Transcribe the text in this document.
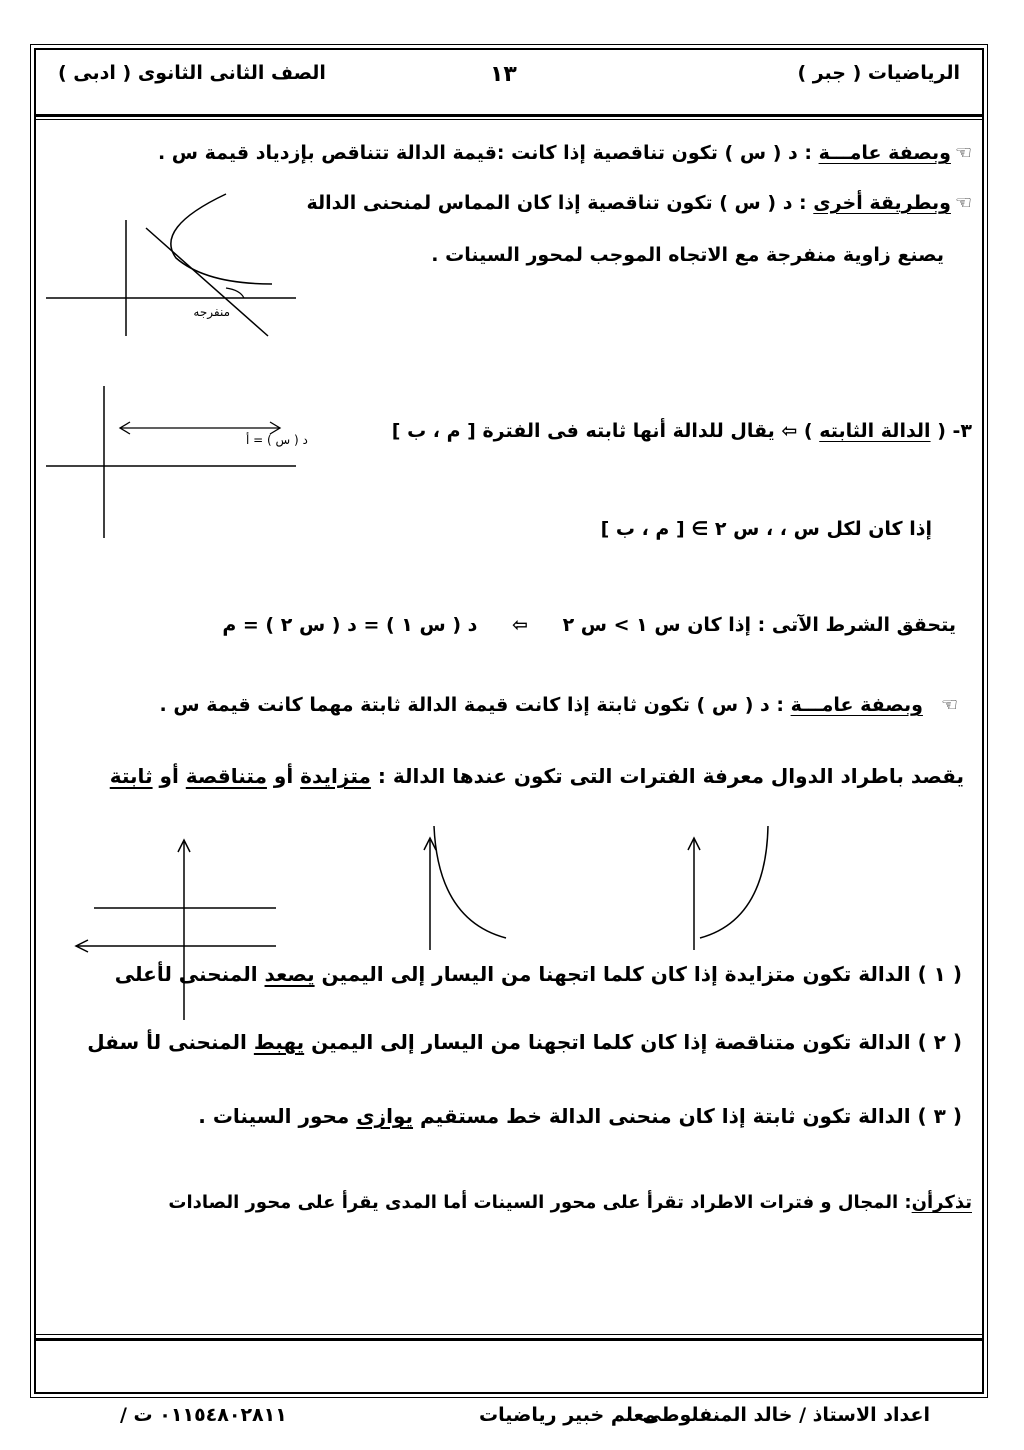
الرياضيات ( جبر )
١٣
الصف الثانى الثانوى ( ادبى )
☜وبصفة عامـــة : د ( س ) تكون تناقصية إذا كانت :قيمة الدالة تتناقص بإزدياد قيمة س .
☜وبطريقة أخرى : د ( س ) تكون تناقصية إذا كان المماس لمنحنى الدالة
يصنع زاوية منفرجة مع الاتجاه الموجب لمحور السينات .
منفرجه
٣- ( الدالة الثابته ) ⇦ يقال للدالة أنها ثابته فى الفترة [ م ، ب ]
د ( س ) = أ
إذا كان لكل س ، ، س ٢ ∋ [ م ، ب ]
يتحقق الشرط الآتى : إذا كان س ١ > س ٢ ⇦ د ( س ١ ) = د ( س ٢ ) = م
☜وبصفة عامـــة : د ( س ) تكون ثابتة إذا كانت قيمة الدالة ثابتة مهما كانت قيمة س .
يقصد باطراد الدوال معرفة الفترات التى تكون عندها الدالة : متزايدة أو متناقصة أو ثابتة
( ١ ) الدالة تكون متزايدة إذا كان كلما اتجهنا من اليسار إلى اليمين يصعد المنحنى لأعلى
( ٢ ) الدالة تكون متناقصة إذا كان كلما اتجهنا من اليسار إلى اليمين يهبط المنحنى لأ سفل
( ٣ ) الدالة تكون ثابتة إذا كان منحنى الدالة خط مستقيم يوازى محور السينات .
تذكرأن: المجال و فترات الاطراد تقرأ على محور السينات أما المدى يقرأ على محور الصادات
اعداد الاستاذ / خالد المنفلوطى
معلم خبير رياضيات
٠١١٥٤٨٠٢٨١١ ت /
